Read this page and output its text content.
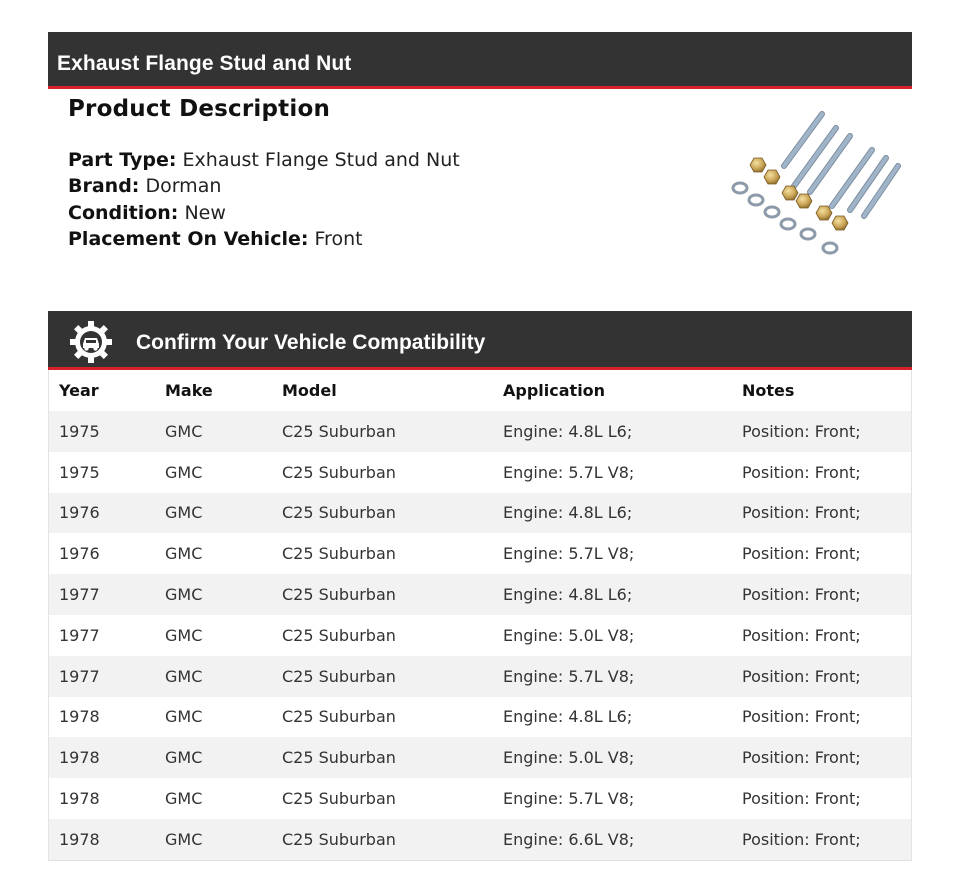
Exhaust Flange Stud and Nut
Product Description
Part Type: Exhaust Flange Stud and Nut
Brand: Dorman
Condition: New
Placement On Vehicle: Front
Confirm Your Vehicle Compatibility
Year	Make	Model	Application	Notes
1975	GMC	C25 Suburban	Engine: 4.8L L6;	Position: Front;
1975	GMC	C25 Suburban	Engine: 5.7L V8;	Position: Front;
1976	GMC	C25 Suburban	Engine: 4.8L L6;	Position: Front;
1976	GMC	C25 Suburban	Engine: 5.7L V8;	Position: Front;
1977	GMC	C25 Suburban	Engine: 4.8L L6;	Position: Front;
1977	GMC	C25 Suburban	Engine: 5.0L V8;	Position: Front;
1977	GMC	C25 Suburban	Engine: 5.7L V8;	Position: Front;
1978	GMC	C25 Suburban	Engine: 4.8L L6;	Position: Front;
1978	GMC	C25 Suburban	Engine: 5.0L V8;	Position: Front;
1978	GMC	C25 Suburban	Engine: 5.7L V8;	Position: Front;
1978	GMC	C25 Suburban	Engine: 6.6L V8;	Position: Front;
